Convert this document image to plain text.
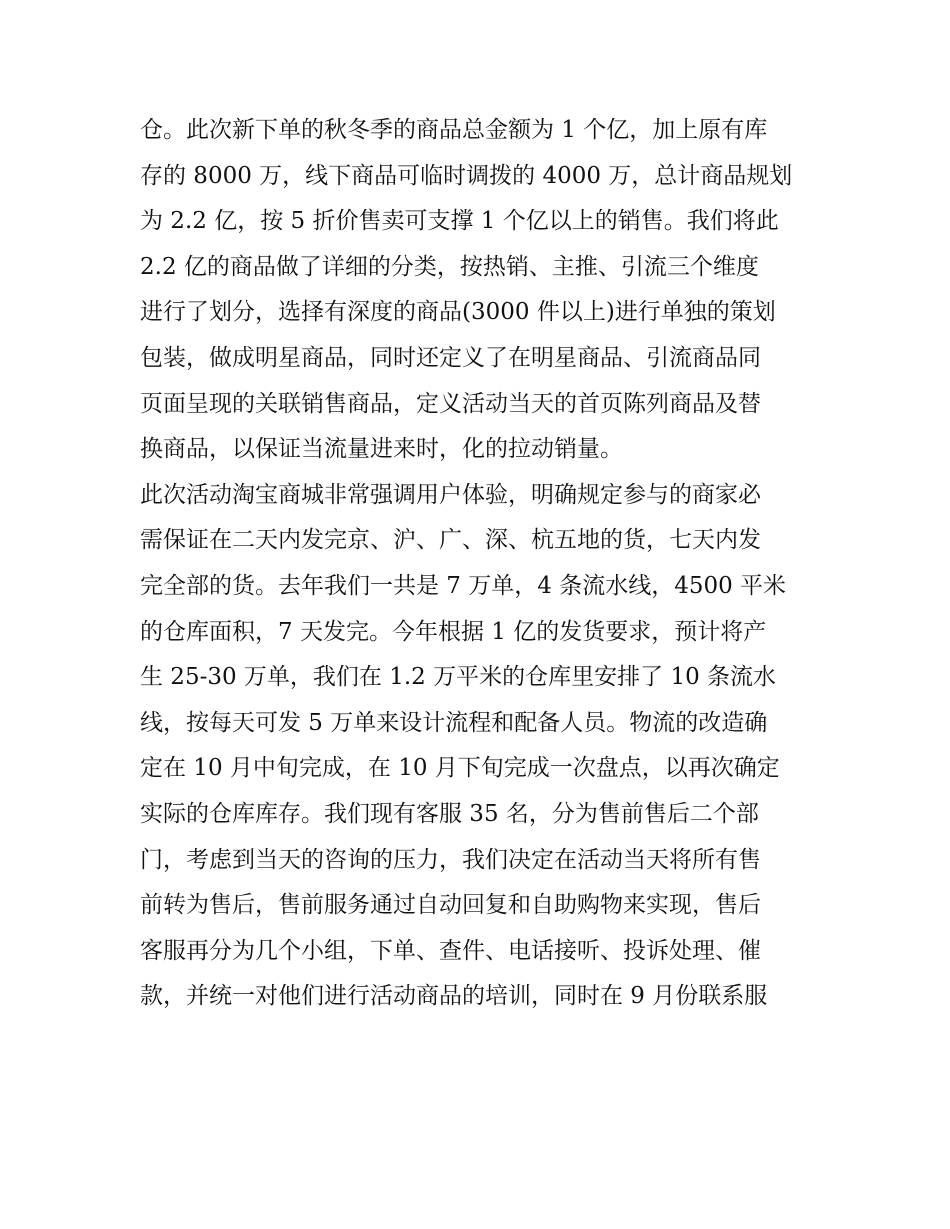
仓。此次新下单的秋冬季的商品总金额为 1 个亿，加上原有库
存的 8000 万，线下商品可临时调拨的 4000 万，总计商品规划
为 2.2 亿，按 5 折价售卖可支撑 1 个亿以上的销售。我们将此
2.2 亿的商品做了详细的分类，按热销、主推、引流三个维度
进行了划分，选择有深度的商品(3000 件以上)进行单独的策划
包装，做成明星商品，同时还定义了在明星商品、引流商品同
页面呈现的关联销售商品，定义活动当天的首页陈列商品及替
换商品，以保证当流量进来时，化的拉动销量。
此次活动淘宝商城非常强调用户体验，明确规定参与的商家必
需保证在二天内发完京、沪、广、深、杭五地的货，七天内发
完全部的货。去年我们一共是 7 万单，4 条流水线，4500 平米
的仓库面积，7 天发完。今年根据 1 亿的发货要求，预计将产
生 25-30 万单，我们在 1.2 万平米的仓库里安排了 10 条流水
线，按每天可发 5 万单来设计流程和配备人员。物流的改造确
定在 10 月中旬完成，在 10 月下旬完成一次盘点，以再次确定
实际的仓库库存。我们现有客服 35 名，分为售前售后二个部
门，考虑到当天的咨询的压力，我们决定在活动当天将所有售
前转为售后，售前服务通过自动回复和自助购物来实现，售后
客服再分为几个小组，下单、查件、电话接听、投诉处理、催
款，并统一对他们进行活动商品的培训，同时在 9 月份联系服
